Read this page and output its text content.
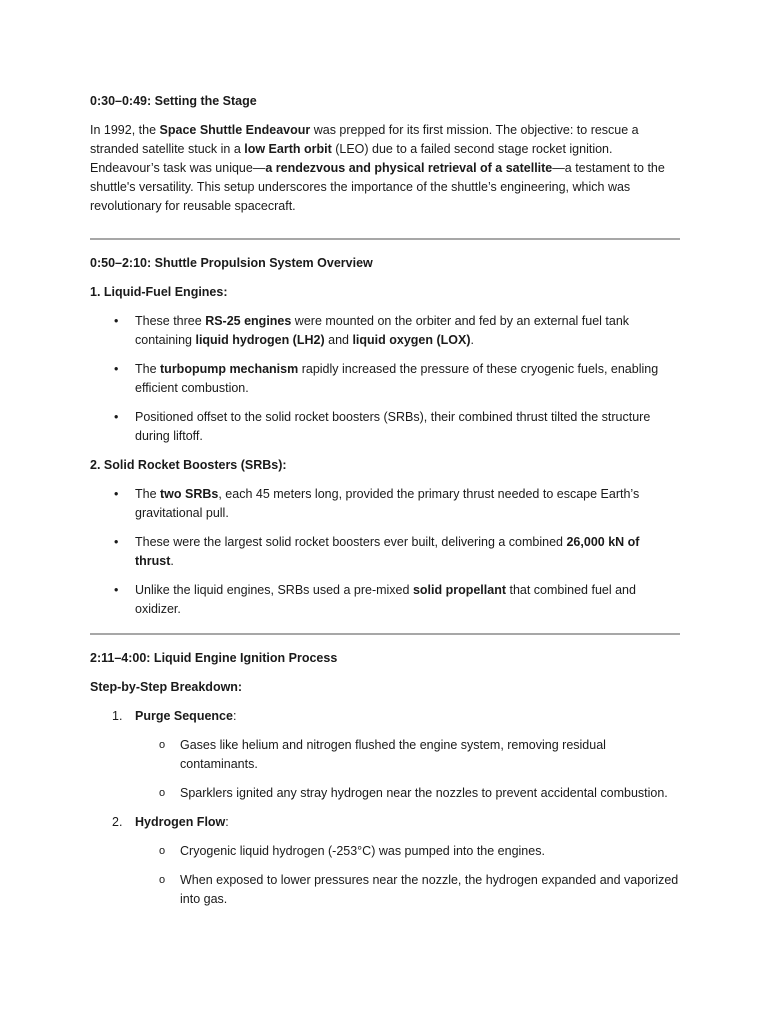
0:30–0:49: Setting the Stage

In 1992, the Space Shuttle Endeavour was prepped for its first mission. The objective: to rescue a stranded satellite stuck in a low Earth orbit (LEO) due to a failed second stage rocket ignition. Endeavour’s task was unique—a rendezvous and physical retrieval of a satellite—a testament to the shuttle's versatility. This setup underscores the importance of the shuttle’s engineering, which was revolutionary for reusable spacecraft.

0:50–2:10: Shuttle Propulsion System Overview
1. Liquid-Fuel Engines:
• These three RS-25 engines were mounted on the orbiter and fed by an external fuel tank containing liquid hydrogen (LH2) and liquid oxygen (LOX).
• The turbopump mechanism rapidly increased the pressure of these cryogenic fuels, enabling efficient combustion.
• Positioned offset to the solid rocket boosters (SRBs), their combined thrust tilted the structure during liftoff.
2. Solid Rocket Boosters (SRBs):
• The two SRBs, each 45 meters long, provided the primary thrust needed to escape Earth’s gravitational pull.
• These were the largest solid rocket boosters ever built, delivering a combined 26,000 kN of thrust.
• Unlike the liquid engines, SRBs used a pre-mixed solid propellant that combined fuel and oxidizer.
2:11–4:00: Liquid Engine Ignition Process
Step-by-Step Breakdown:
1. Purge Sequence:
o Gases like helium and nitrogen flushed the engine system, removing residual contaminants.
o Sparklers ignited any stray hydrogen near the nozzles to prevent accidental combustion.
2. Hydrogen Flow:
o Cryogenic liquid hydrogen (-253°C) was pumped into the engines.
o When exposed to lower pressures near the nozzle, the hydrogen expanded and vaporized into gas.
